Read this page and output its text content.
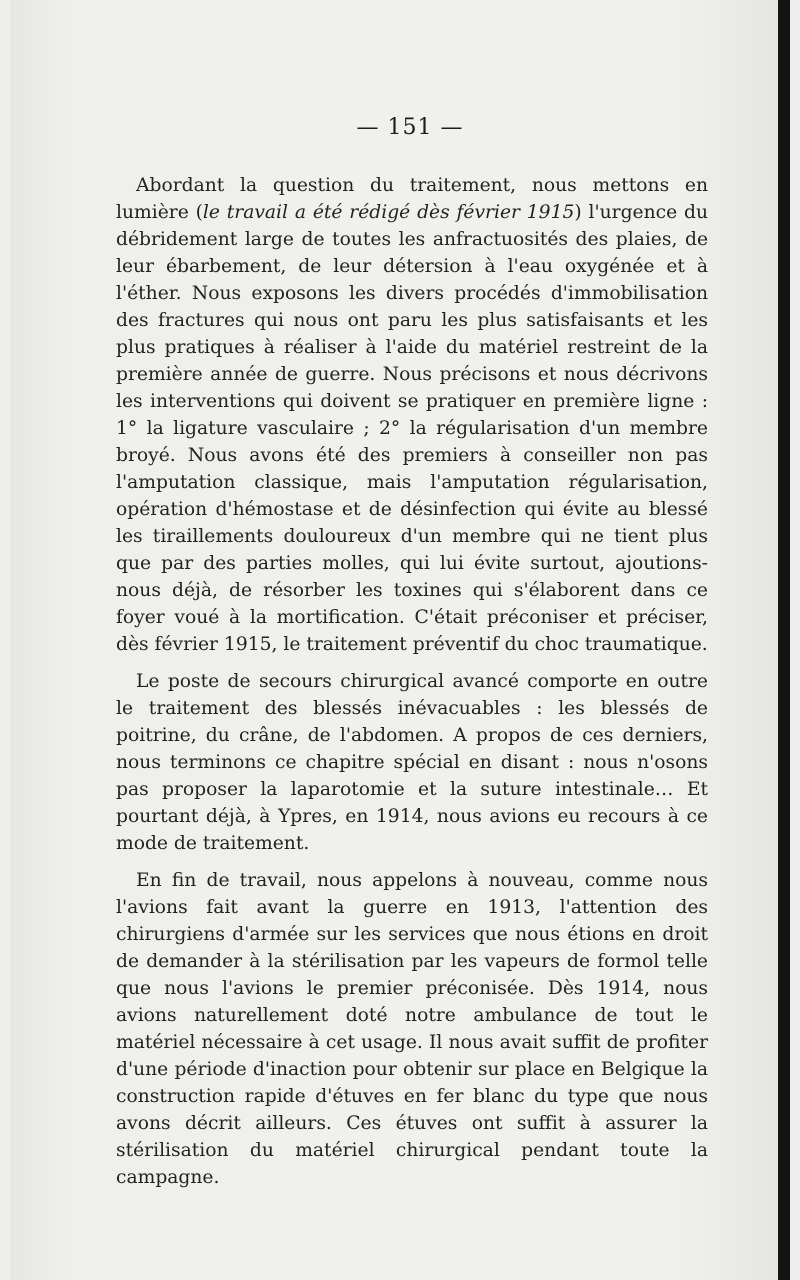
— 151 —

Abordant la question du traitement, nous mettons en lumière (le travail a été rédigé dès février 1915) l'urgence du débridement large de toutes les anfractuosités des plaies, de leur ébarbement, de leur détersion à l'eau oxygénée et à l'éther. Nous exposons les divers procédés d'immobilisation des fractures qui nous ont paru les plus satisfaisants et les plus pratiques à réaliser à l'aide du matériel restreint de la première année de guerre. Nous précisons et nous décrivons les interventions qui doivent se pratiquer en première ligne : 1° la ligature vasculaire ; 2° la régularisation d'un membre broyé. Nous avons été des premiers à conseiller non pas l'amputation classique, mais l'amputation régularisation, opération d'hémostase et de désinfection qui évite au blessé les tiraillements douloureux d'un membre qui ne tient plus que par des parties molles, qui lui évite surtout, ajoutions-nous déjà, de résorber les toxines qui s'élaborent dans ce foyer voué à la mortification. C'était préconiser et préciser, dès février 1915, le traitement préventif du choc traumatique.

Le poste de secours chirurgical avancé comporte en outre le traitement des blessés inévacuables : les blessés de poitrine, du crâne, de l'abdomen. A propos de ces derniers, nous terminons ce chapitre spécial en disant : nous n'osons pas proposer la laparotomie et la suture intestinale… Et pourtant déjà, à Ypres, en 1914, nous avions eu recours à ce mode de traitement.

En fin de travail, nous appelons à nouveau, comme nous l'avions fait avant la guerre en 1913, l'attention des chirurgiens d'armée sur les services que nous étions en droit de demander à la stérilisation par les vapeurs de formol telle que nous l'avions le premier préconisée. Dès 1914, nous avions naturellement doté notre ambulance de tout le matériel nécessaire à cet usage. Il nous avait suffit de profiter d'une période d'inaction pour obtenir sur place en Belgique la construction rapide d'étuves en fer blanc du type que nous avons décrit ailleurs. Ces étuves ont suffit à assurer la stérilisation du matériel chirurgical pendant toute la campagne.
